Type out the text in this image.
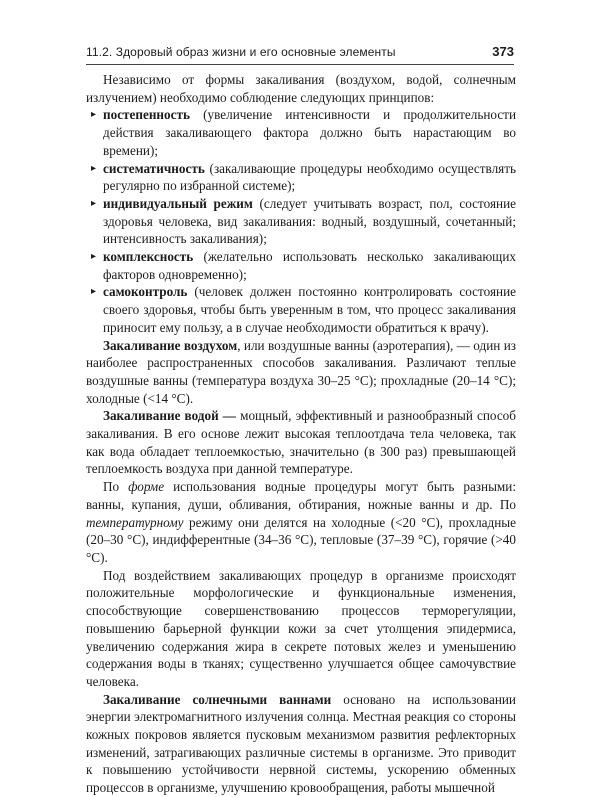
11.2. Здоровый образ жизни и его основные элементы	373

Независимо от формы закаливания (воздухом, водой, солнечным излучением) необходимо соблюдение следующих принципов:

▸ постепенность (увеличение интенсивности и продолжительности действия закаливающего фактора должно быть нарастающим во времени);
▸ систематичность (закаливающие процедуры необходимо осуществлять регулярно по избранной системе);
▸ индивидуальный режим (следует учитывать возраст, пол, состояние здоровья человека, вид закаливания: водный, воздушный, сочетанный; интенсивность закаливания);
▸ комплексность (желательно использовать несколько закаливающих факторов одновременно);
▸ самоконтроль (человек должен постоянно контролировать состояние своего здоровья, чтобы быть уверенным в том, что процесс закаливания приносит ему пользу, а в случае необходимости обратиться к врачу).

Закаливание воздухом, или воздушные ванны (аэротерапия), — один из наиболее распространенных способов закаливания. Различают теплые воздушные ванны (температура воздуха 30–25 °С); прохладные (20–14 °С); холодные (<14 °С).

Закаливание водой — мощный, эффективный и разнообразный способ закаливания. В его основе лежит высокая теплоотдача тела человека, так как вода обладает теплоемкостью, значительно (в 300 раз) превышающей теплоемкость воздуха при данной температуре.

По форме использования водные процедуры могут быть разными: ванны, купания, души, обливания, обтирания, ножные ванны и др. По температурному режиму они делятся на холодные (<20 °С), прохладные (20–30 °С), индифферентные (34–36 °С), тепловые (37–39 °С), горячие (>40 °С).

Под воздействием закаливающих процедур в организме происходят положительные морфологические и функциональные изменения, способствующие совершенствованию процессов терморегуляции, повышению барьерной функции кожи за счет утолщения эпидермиса, увеличению содержания жира в секрете потовых желез и уменьшению содержания воды в тканях; существенно улучшается общее самочувствие человека.

Закаливание солнечными ваннами основано на использовании энергии электромагнитного излучения солнца. Местная реакция со стороны кожных покровов является пусковым механизмом развития рефлекторных изменений, затрагивающих различные системы в организме. Это приводит к повышению устойчивости нервной системы, ускорению обменных процессов в организме, улучшению кровообращения, работы мышечной
